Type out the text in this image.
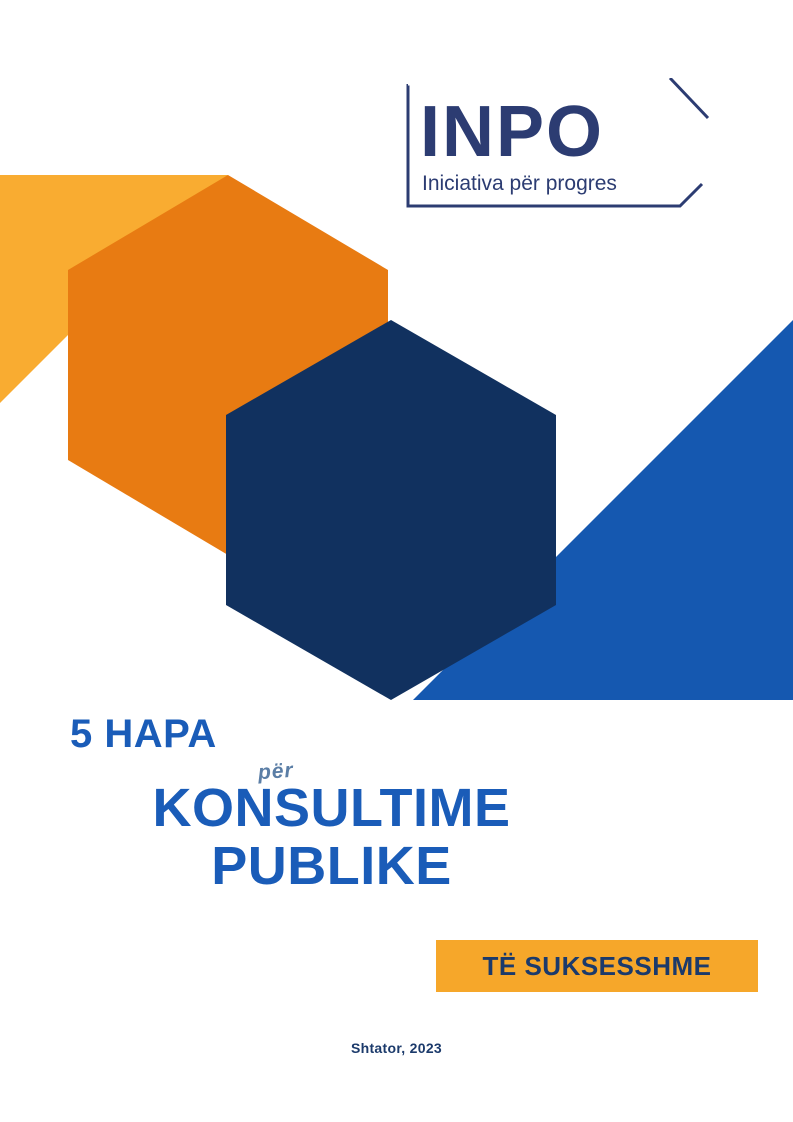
INPO
Iniciativa për progres
5 HAPA
KONSULTIME
PUBLIKE
për
TË SUKSESSHME
Shtator, 2023
